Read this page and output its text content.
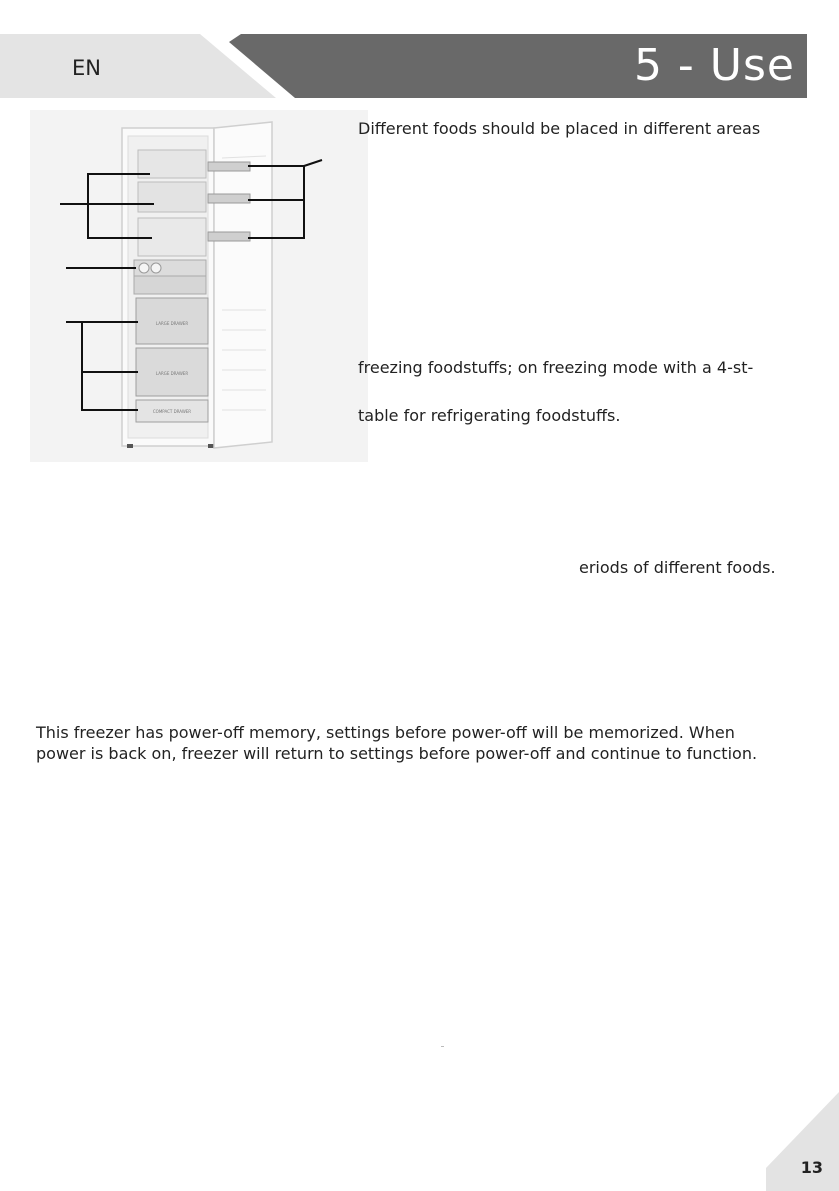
EN	5 - Use
LARGE DRAWER
LARGE DRAWER
COMPACT DRAWER
Different foods should be placed in different areas
freezing foodstuffs; on freezing mode with a 4-st-
table for refrigerating foodstuffs.
eriods of different foods.
This freezer has power-off memory, settings before power-off will be memorized. When
power is back on, freezer will return to settings before power-off and continue to function.
13
